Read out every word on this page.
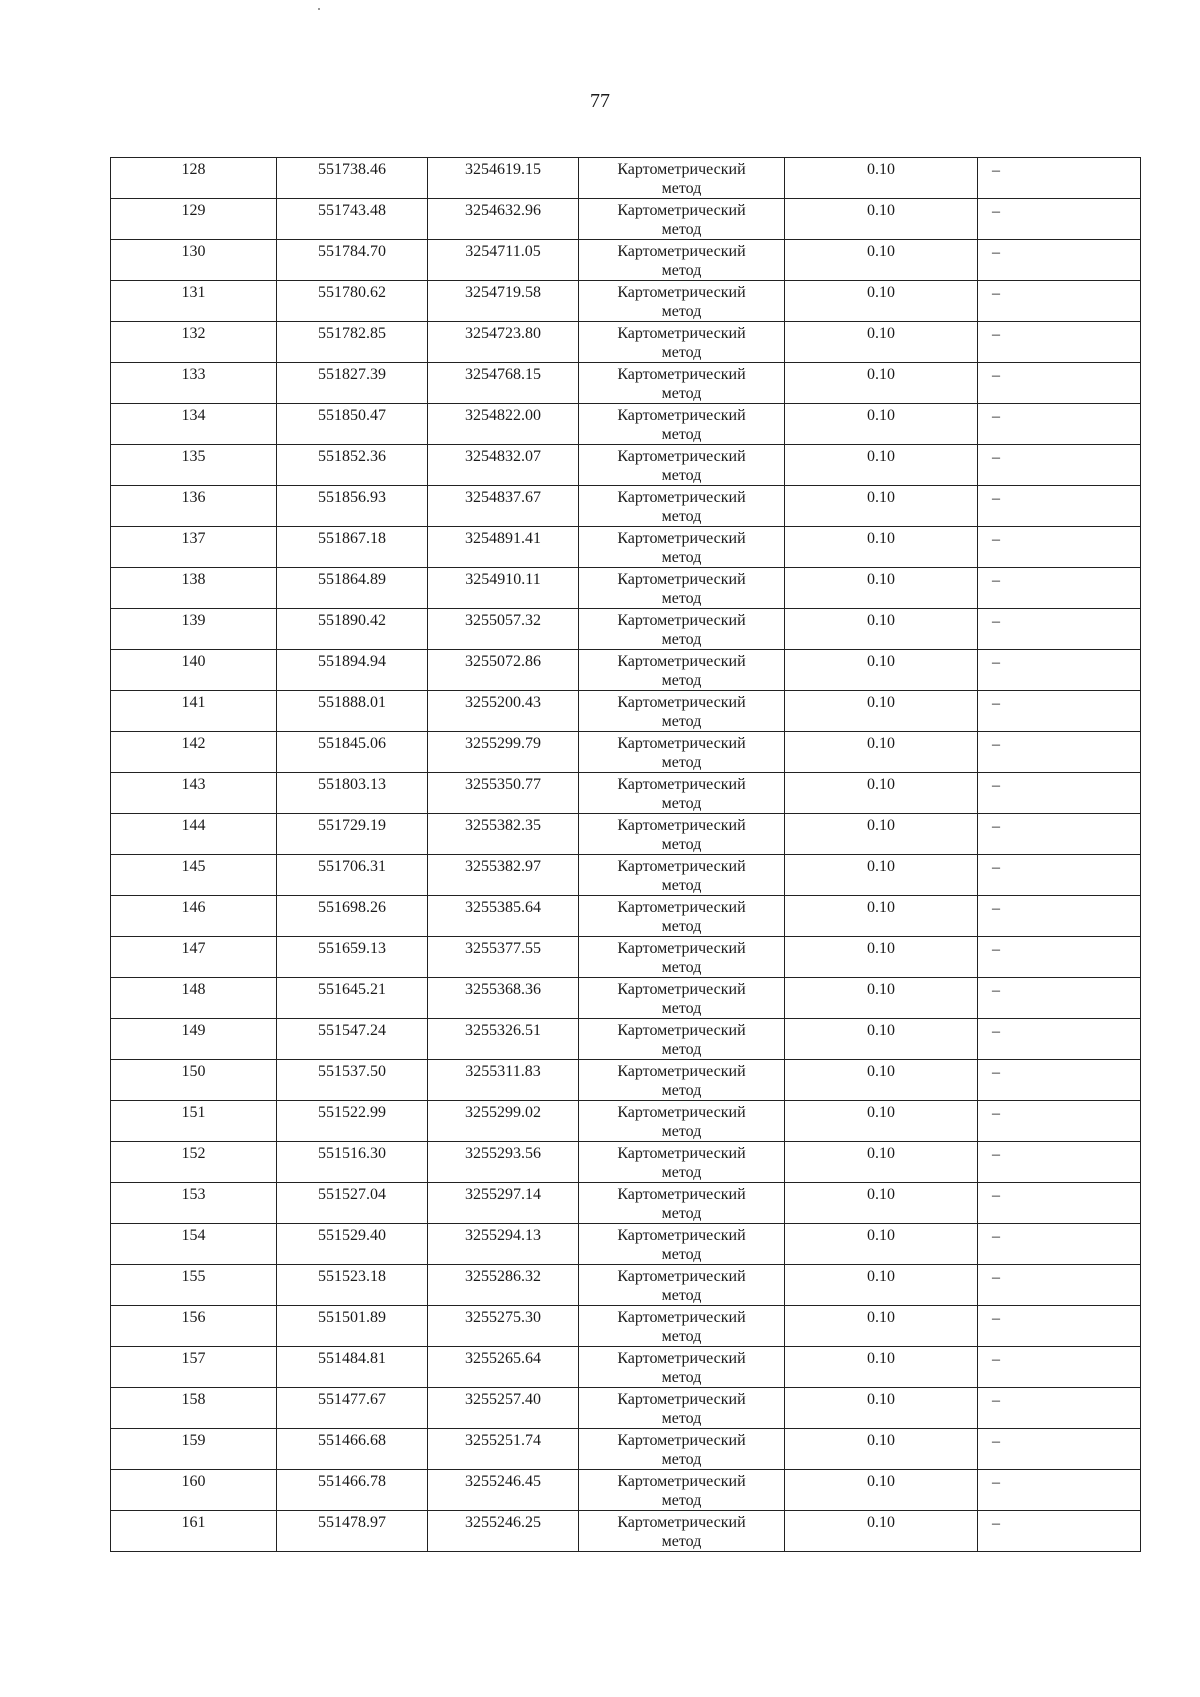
77
128	551738.46	3254619.15	Картометрический
метод	0.10	–
129	551743.48	3254632.96	Картометрический
метод	0.10	–
130	551784.70	3254711.05	Картометрический
метод	0.10	–
131	551780.62	3254719.58	Картометрический
метод	0.10	–
132	551782.85	3254723.80	Картометрический
метод	0.10	–
133	551827.39	3254768.15	Картометрический
метод	0.10	–
134	551850.47	3254822.00	Картометрический
метод	0.10	–
135	551852.36	3254832.07	Картометрический
метод	0.10	–
136	551856.93	3254837.67	Картометрический
метод	0.10	–
137	551867.18	3254891.41	Картометрический
метод	0.10	–
138	551864.89	3254910.11	Картометрический
метод	0.10	–
139	551890.42	3255057.32	Картометрический
метод	0.10	–
140	551894.94	3255072.86	Картометрический
метод	0.10	–
141	551888.01	3255200.43	Картометрический
метод	0.10	–
142	551845.06	3255299.79	Картометрический
метод	0.10	–
143	551803.13	3255350.77	Картометрический
метод	0.10	–
144	551729.19	3255382.35	Картометрический
метод	0.10	–
145	551706.31	3255382.97	Картометрический
метод	0.10	–
146	551698.26	3255385.64	Картометрический
метод	0.10	–
147	551659.13	3255377.55	Картометрический
метод	0.10	–
148	551645.21	3255368.36	Картометрический
метод	0.10	–
149	551547.24	3255326.51	Картометрический
метод	0.10	–
150	551537.50	3255311.83	Картометрический
метод	0.10	–
151	551522.99	3255299.02	Картометрический
метод	0.10	–
152	551516.30	3255293.56	Картометрический
метод	0.10	–
153	551527.04	3255297.14	Картометрический
метод	0.10	–
154	551529.40	3255294.13	Картометрический
метод	0.10	–
155	551523.18	3255286.32	Картометрический
метод	0.10	–
156	551501.89	3255275.30	Картометрический
метод	0.10	–
157	551484.81	3255265.64	Картометрический
метод	0.10	–
158	551477.67	3255257.40	Картометрический
метод	0.10	–
159	551466.68	3255251.74	Картометрический
метод	0.10	–
160	551466.78	3255246.45	Картометрический
метод	0.10	–
161	551478.97	3255246.25	Картометрический
метод	0.10	–
